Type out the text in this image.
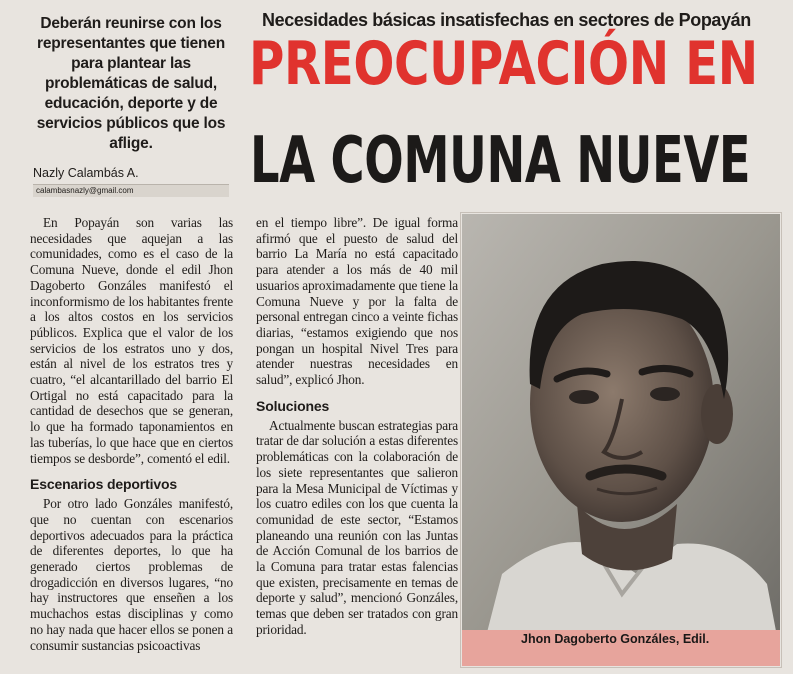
Deberán reunirse con los representantes que tienen para plantear las problemáticas de salud, educación, deporte y de servicios públicos que los aflige.
Nazly Calambás A.
calambasnazly@gmail.com
Necesidades básicas insatisfechas en sectores de Popayán
PREOCUPACIÓN EN
LA COMUNA NUEVE

En Popayán son varias las necesidades que aquejan a las comunidades, como es el caso de la Comuna Nueve, donde el edil Jhon Dagoberto Gonzáles manifestó el inconformismo de los habitantes frente a los altos costos en los servicios públicos. Explica que el valor de los servicios de los estratos uno y dos, están al nivel de los estratos tres y cuatro, “el alcantarillado del barrio El Ortigal no está capacitado para la cantidad de desechos que se generan, lo que ha formado taponamientos en las tuberías, lo que hace que en ciertos tiempos se desborde”, comentó el edil.

Escenarios deportivos

Por otro lado Gonzáles manifestó, que no cuentan con escenarios deportivos adecuados para la práctica de diferentes deportes, lo que ha generado ciertos problemas de drogadicción en diversos lugares, “no hay instructores que enseñen a los muchachos estas disciplinas y como no hay nada que hacer ellos se ponen a consumir sustancias psicoactivas

en el tiempo libre”. De igual forma afirmó que el puesto de salud del barrio La María no está capacitado para atender a los más de 40 mil usuarios aproximadamente que tiene la Comuna Nueve y por la falta de personal entregan cinco a veinte fichas diarias, “estamos exigiendo que nos pongan un hospital Nivel Tres para atender nuestras necesidades en salud”, explicó Jhon.

Soluciones

Actualmente buscan estrategias para tratar de dar solución a estas diferentes problemáticas con la colaboración de los siete representantes que salieron para la Mesa Municipal de Víctimas y los cuatro ediles con los que cuenta la comunidad de este sector, “Estamos planeando una reunión con las Juntas de Acción Comunal de los barrios de la Comuna para tratar estas falencias que existen, precisamente en temas de deporte y salud”, mencionó Gonzáles, temas que deben ser tratados con gran prioridad.

Jhon Dagoberto Gonzáles, Edil.
